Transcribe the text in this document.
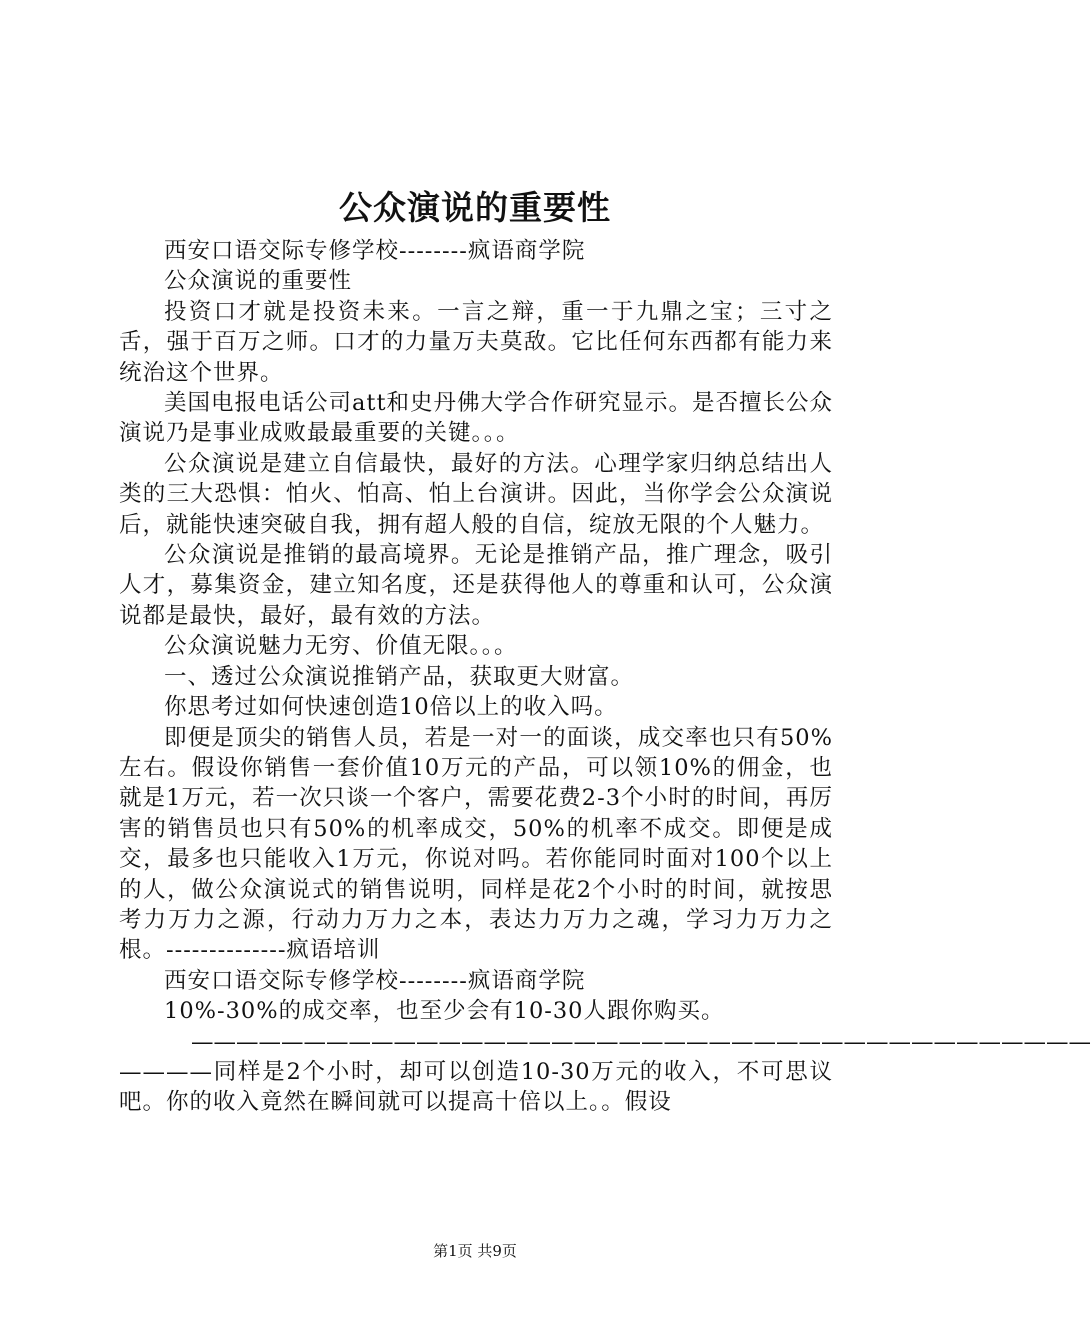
公众演说的重要性

西安口语交际专修学校--------疯语商学院

公众演说的重要性

投资口才就是投资未来。一言之辩，重一于九鼎之宝；三寸之舌，强于百万之师。口才的力量万夫莫敌。它比任何东西都有能力来统治这个世界。

美国电报电话公司att和史丹佛大学合作研究显示。是否擅长公众演说乃是事业成败最最重要的关键。。。

公众演说是建立自信最快，最好的方法。心理学家归纳总结出人类的三大恐惧：怕火、怕高、怕上台演讲。因此，当你学会公众演说后，就能快速突破自我，拥有超人般的自信，绽放无限的个人魅力。

公众演说是推销的最高境界。无论是推销产品，推广理念，吸引人才，募集资金，建立知名度，还是获得他人的尊重和认可，公众演说都是最快，最好，最有效的方法。

公众演说魅力无穷、价值无限。。。

一、透过公众演说推销产品，获取更大财富。

你思考过如何快速创造10倍以上的收入吗。

即便是顶尖的销售人员，若是一对一的面谈，成交率也只有50%左右。假设你销售一套价值10万元的产品，可以领10%的佣金，也就是1万元，若一次只谈一个客户，需要花费2-3个小时的时间，再厉害的销售员也只有50%的机率成交，50%的机率不成交。即便是成交，最多也只能收入1万元，你说对吗。若你能同时面对100个以上的人，做公众演说式的销售说明，同样是花2个小时的时间，就按思考力万力之源，行动力万力之本，表达力万力之魂，学习力万力之根。--------------疯语培训

西安口语交际专修学校--------疯语商学院

10%-30%的成交率，也至少会有10-30人跟你购买。

————————————————————————————————————————

————同样是2个小时，却可以创造10-30万元的收入，不可思议吧。你的收入竟然在瞬间就可以提高十倍以上。。假设

第1页 共9页
